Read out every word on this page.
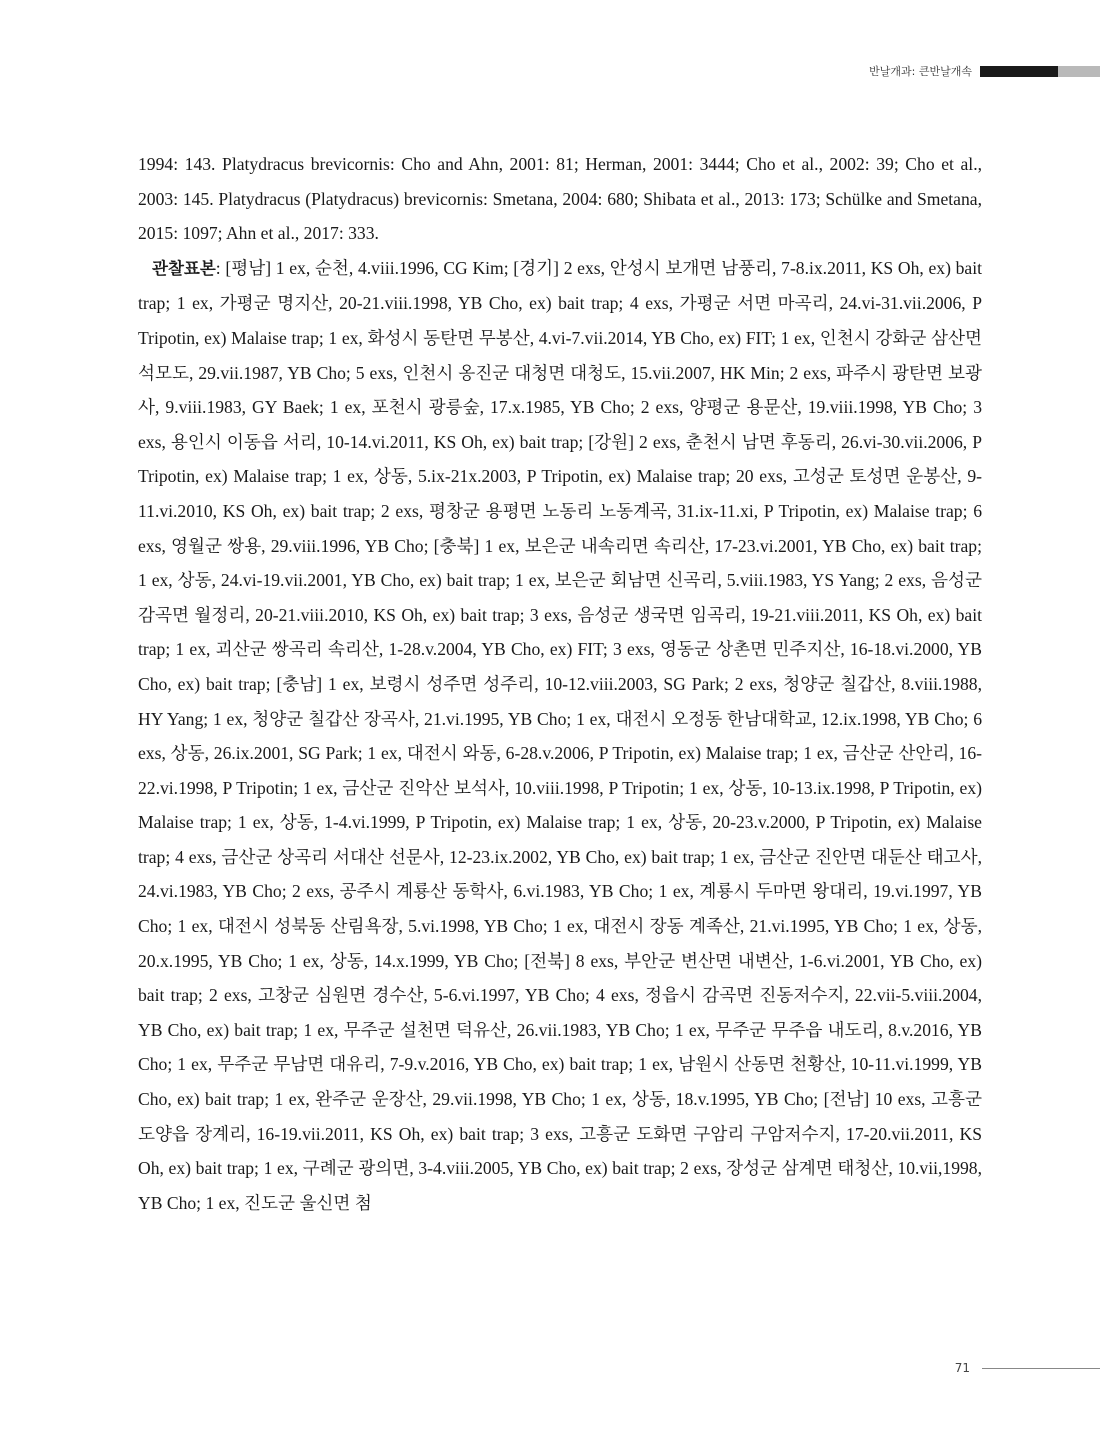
반날개과: 큰반날개속

1994: 143. Platydracus brevicornis: Cho and Ahn, 2001: 81; Herman, 2001: 3444; Cho et al., 2002: 39; Cho et al., 2003: 145. Platydracus (Platydracus) brevicornis: Smetana, 2004: 680; Shibata et al., 2013: 173; Schülke and Smetana, 2015: 1097; Ahn et al., 2017: 333.

관찰표본: [평남] 1 ex, 순천, 4.viii.1996, CG Kim; [경기] 2 exs, 안성시 보개면 남풍리, 7-8.ix.2011, KS Oh, ex) bait trap; 1 ex, 가평군 명지산, 20-21.viii.1998, YB Cho, ex) bait trap; 4 exs, 가평군 서면 마곡리, 24.vi-31.vii.2006, P Tripotin, ex) Malaise trap; 1 ex, 화성시 동탄면 무봉산, 4.vi-7.vii.2014, YB Cho, ex) FIT; 1 ex, 인천시 강화군 삼산면 석모도, 29.vii.1987, YB Cho; 5 exs, 인천시 옹진군 대청면 대청도, 15.vii.2007, HK Min; 2 exs, 파주시 광탄면 보광사, 9.viii.1983, GY Baek; 1 ex, 포천시 광릉숲, 17.x.1985, YB Cho; 2 exs, 양평군 용문산, 19.viii.1998, YB Cho; 3 exs, 용인시 이동읍 서리, 10-14.vi.2011, KS Oh, ex) bait trap; [강원] 2 exs, 춘천시 남면 후동리, 26.vi-30.vii.2006, P Tripotin, ex) Malaise trap; 1 ex, 상동, 5.ix-21x.2003, P Tripotin, ex) Malaise trap; 20 exs, 고성군 토성면 운봉산, 9-11.vi.2010, KS Oh, ex) bait trap; 2 exs, 평창군 용평면 노동리 노동계곡, 31.ix-11.xi, P Tripotin, ex) Malaise trap; 6 exs, 영월군 쌍용, 29.viii.1996, YB Cho; [충북] 1 ex, 보은군 내속리면 속리산, 17-23.vi.2001, YB Cho, ex) bait trap; 1 ex, 상동, 24.vi-19.vii.2001, YB Cho, ex) bait trap; 1 ex, 보은군 회남면 신곡리, 5.viii.1983, YS Yang; 2 exs, 음성군 감곡면 월정리, 20-21.viii.2010, KS Oh, ex) bait trap; 3 exs, 음성군 생국면 임곡리, 19-21.viii.2011, KS Oh, ex) bait trap; 1 ex, 괴산군 쌍곡리 속리산, 1-28.v.2004, YB Cho, ex) FIT; 3 exs, 영동군 상촌면 민주지산, 16-18.vi.2000, YB Cho, ex) bait trap; [충남] 1 ex, 보령시 성주면 성주리, 10-12.viii.2003, SG Park; 2 exs, 청양군 칠갑산, 8.viii.1988, HY Yang; 1 ex, 청양군 칠갑산 장곡사, 21.vi.1995, YB Cho; 1 ex, 대전시 오정동 한남대학교, 12.ix.1998, YB Cho; 6 exs, 상동, 26.ix.2001, SG Park; 1 ex, 대전시 와동, 6-28.v.2006, P Tripotin, ex) Malaise trap; 1 ex, 금산군 산안리, 16-22.vi.1998, P Tripotin; 1 ex, 금산군 진악산 보석사, 10.viii.1998, P Tripotin; 1 ex, 상동, 10-13.ix.1998, P Tripotin, ex) Malaise trap; 1 ex, 상동, 1-4.vi.1999, P Tripotin, ex) Malaise trap; 1 ex, 상동, 20-23.v.2000, P Tripotin, ex) Malaise trap; 4 exs, 금산군 상곡리 서대산 선문사, 12-23.ix.2002, YB Cho, ex) bait trap; 1 ex, 금산군 진안면 대둔산 태고사, 24.vi.1983, YB Cho; 2 exs, 공주시 계룡산 동학사, 6.vi.1983, YB Cho; 1 ex, 계룡시 두마면 왕대리, 19.vi.1997, YB Cho; 1 ex, 대전시 성북동 산림욕장, 5.vi.1998, YB Cho; 1 ex, 대전시 장동 계족산, 21.vi.1995, YB Cho; 1 ex, 상동, 20.x.1995, YB Cho; 1 ex, 상동, 14.x.1999, YB Cho; [전북] 8 exs, 부안군 변산면 내변산, 1-6.vi.2001, YB Cho, ex) bait trap; 2 exs, 고창군 심원면 경수산, 5-6.vi.1997, YB Cho; 4 exs, 정읍시 감곡면 진동저수지, 22.vii-5.viii.2004, YB Cho, ex) bait trap; 1 ex, 무주군 설천면 덕유산, 26.vii.1983, YB Cho; 1 ex, 무주군 무주읍 내도리, 8.v.2016, YB Cho; 1 ex, 무주군 무남면 대유리, 7-9.v.2016, YB Cho, ex) bait trap; 1 ex, 남원시 산동면 천황산, 10-11.vi.1999, YB Cho, ex) bait trap; 1 ex, 완주군 운장산, 29.vii.1998, YB Cho; 1 ex, 상동, 18.v.1995, YB Cho; [전남] 10 exs, 고흥군 도양읍 장계리, 16-19.vii.2011, KS Oh, ex) bait trap; 3 exs, 고흥군 도화면 구암리 구암저수지, 17-20.vii.2011, KS Oh, ex) bait trap; 1 ex, 구례군 광의면, 3-4.viii.2005, YB Cho, ex) bait trap; 2 exs, 장성군 삼계면 태청산, 10.vii,1998, YB Cho; 1 ex, 진도군 울신면 첨

71
